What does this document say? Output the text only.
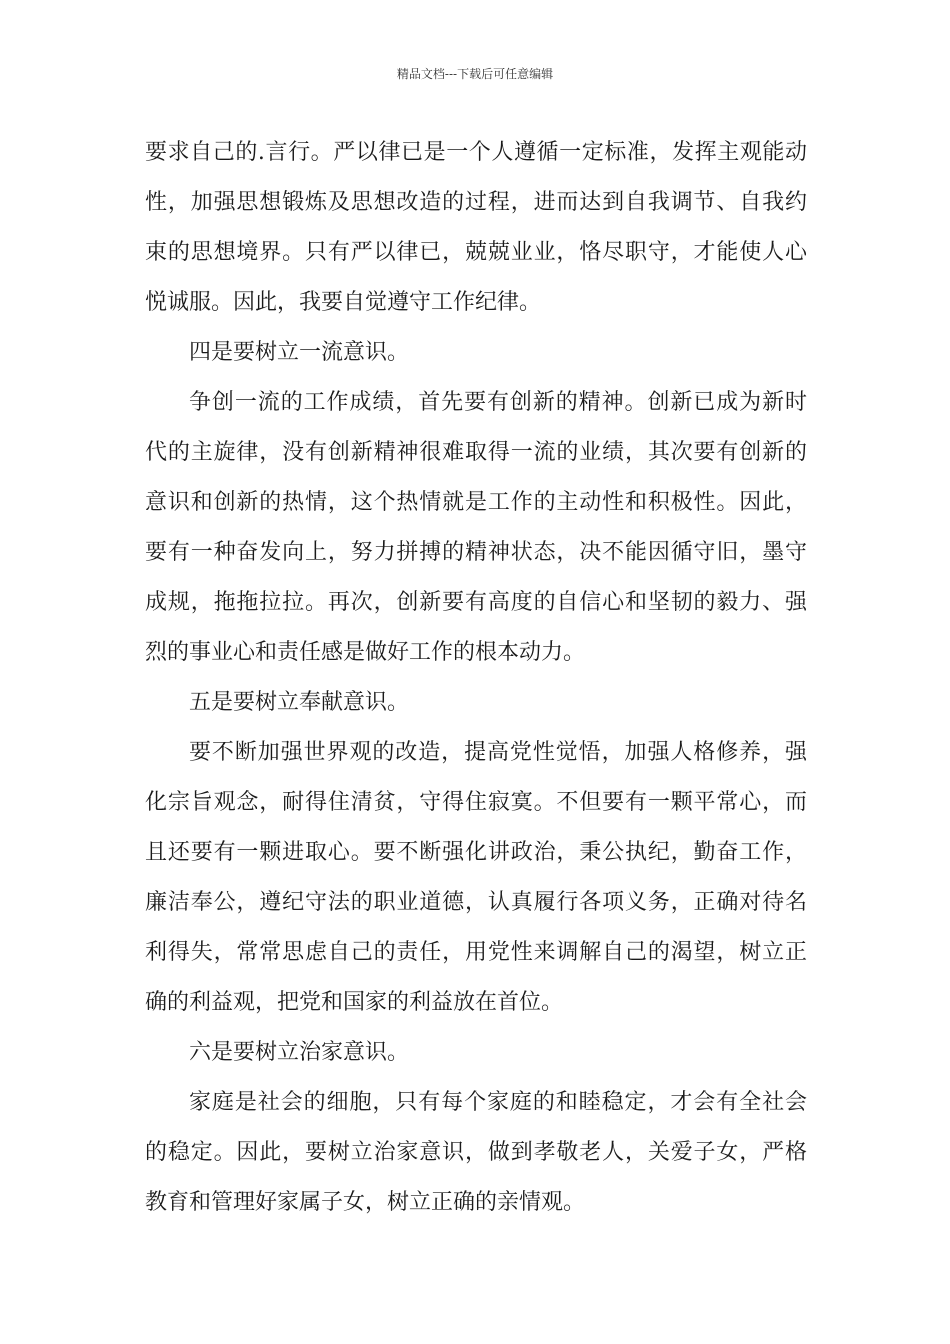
精品文档---下载后可任意编辑
要求自己的.言行。严以律已是一个人遵循一定标准，发挥主观能动
性，加强思想锻炼及思想改造的过程，进而达到自我调节、自我约
束的思想境界。只有严以律已，兢兢业业，恪尽职守，才能使人心
悦诚服。因此，我要自觉遵守工作纪律。
四是要树立一流意识。
争创一流的工作成绩，首先要有创新的精神。创新已成为新时
代的主旋律，没有创新精神很难取得一流的业绩，其次要有创新的
意识和创新的热情，这个热情就是工作的主动性和积极性。因此，
要有一种奋发向上，努力拼搏的精神状态，决不能因循守旧，墨守
成规，拖拖拉拉。再次，创新要有高度的自信心和坚韧的毅力、强
烈的事业心和责任感是做好工作的根本动力。
五是要树立奉献意识。
要不断加强世界观的改造，提高党性觉悟，加强人格修养，强
化宗旨观念，耐得住清贫，守得住寂寞。不但要有一颗平常心，而
且还要有一颗进取心。要不断强化讲政治，秉公执纪，勤奋工作，
廉洁奉公，遵纪守法的职业道德，认真履行各项义务，正确对待名
利得失，常常思虑自己的责任，用党性来调解自己的渴望，树立正
确的利益观，把党和国家的利益放在首位。
六是要树立治家意识。
家庭是社会的细胞，只有每个家庭的和睦稳定，才会有全社会
的稳定。因此，要树立治家意识，做到孝敬老人，关爱子女，严格
教育和管理好家属子女，树立正确的亲情观。
